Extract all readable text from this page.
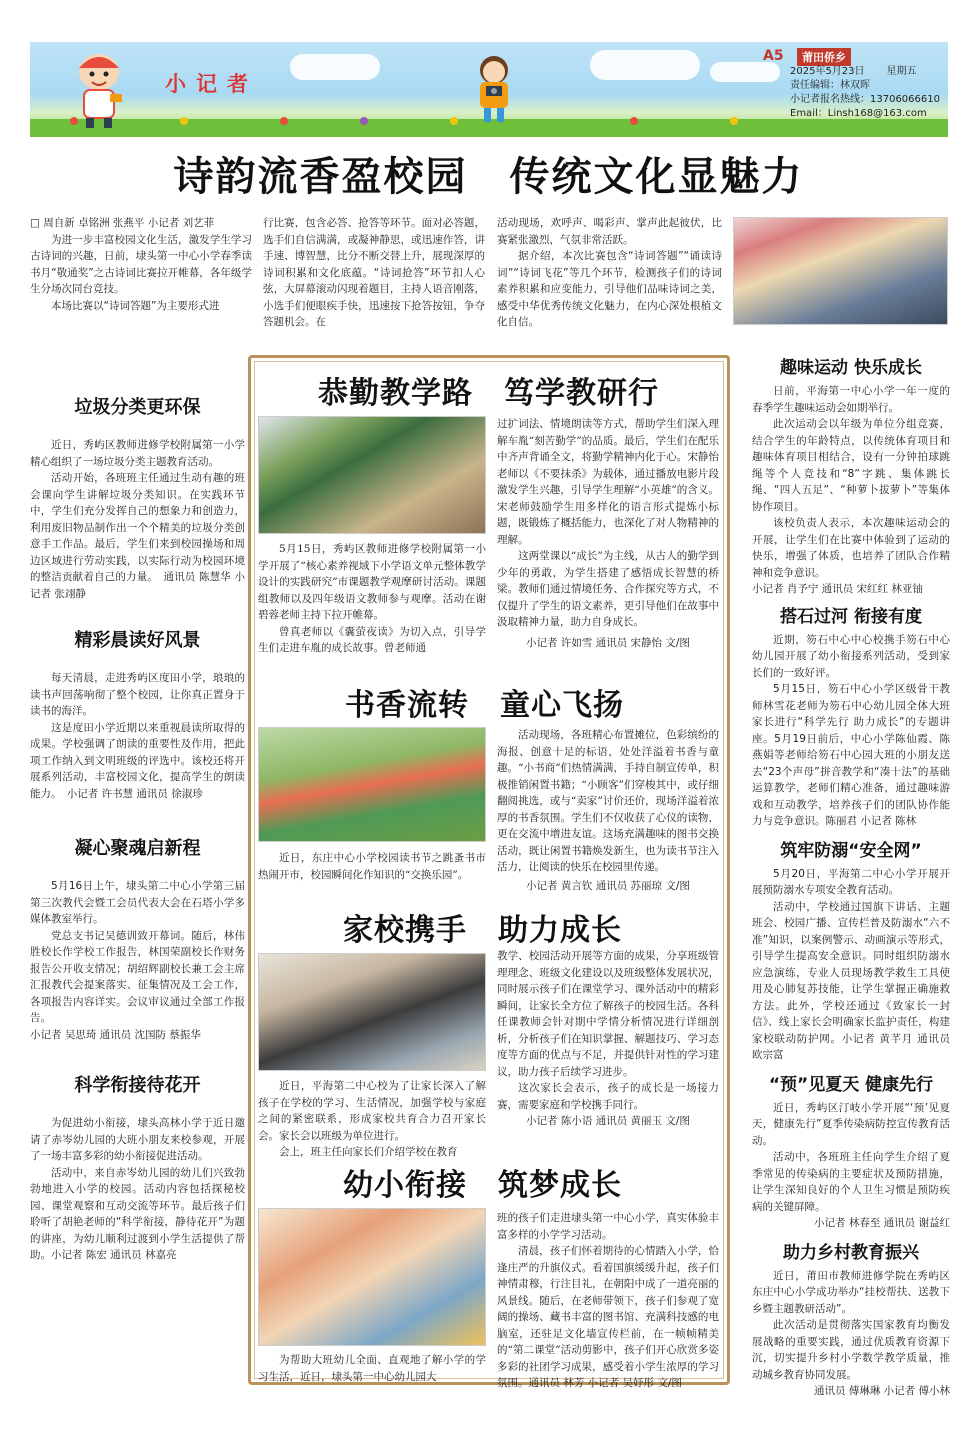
小记者
A5	莆田侨乡
2025年5月23日 星期五
责任编辑：林双晖
小记者报名热线：13706066610
Email：Linsh168@163.com
诗韵流香盈校园　传统文化显魅力
□ 周自新 卓铭洲 张燕平 小记者 刘艺菲

为进一步丰富校园文化生活，激发学生学习古诗词的兴趣，日前，埭头第一中心小学春季读书月“敬通奖”之古诗词比赛拉开帷幕，各年级学生分场次同台竞技。

本场比赛以“诗词答题”为主要形式进

行比赛，包含必答、抢答等环节。面对必答题，选手们自信满满，或凝神静思，或迅速作答，讲手速、博智慧，比分不断交替上升，展现深厚的诗词积累和文化底蕴。“诗词抢答”环节扣人心弦，大屏幕滚动闪现着题目，主持人语音刚落，小选手们便眼疾手快，迅速按下抢答按钮，争夺答题机会。在
活动现场，欢呼声、喝彩声、掌声此起彼伏，比赛紧张激烈，气氛非常活跃。

据介绍，本次比赛包含“诗词答题”“诵读诗词”“诗词飞花”等几个环节，检测孩子们的诗词素养积累和应变能力，引导他们品味诗词之美，感受中华优秀传统文化魅力，在内心深处根植文化自信。

垃圾分类更环保

近日，秀屿区教师进修学校附属第一小学精心组织了一场垃圾分类主题教育活动。

活动开始，各班班主任通过生动有趣的班会课向学生讲解垃圾分类知识。在实践环节中，学生们充分发挥自己的想象力和创造力，利用废旧物品制作出一个个精美的垃圾分类创意手工作品。最后，学生们来到校园操场和周边区域进行劳动实践，以实际行动为校园环境的整洁贡献着自己的力量。　通讯员 陈慧华 小记者 张翊静

精彩晨读好风景

每天清晨，走进秀屿区度田小学，琅琅的读书声回荡响彻了整个校园，让你真正置身于读书的海洋。

这是度田小学近期以来重视晨读所取得的成果。学校强调了朗读的重要性及作用，把此项工作纳入到文明班级的评选中。该校还将开展系列活动，丰富校园文化，提高学生的朗读能力。　小记者 许书慧 通讯员 徐淑珍

凝心聚魂启新程

5月16日上午，埭头第二中心小学第三届第三次教代会暨工会员代表大会在石塔小学多媒体教室举行。

党总支书记吴德训致开幕词。随后，林伟胜校长作学校工作报告，林国荣副校长作财务报告公开收支情况；胡绍辉副校长兼工会主席汇报教代会提案落实、征集情况及工会工作，各项报告内容详实。会议审议通过全部工作报告。

小记者 吴思琦 通讯员 沈国防 蔡振华
科学衔接待花开

为促进幼小衔接，埭头高林小学于近日邀请了赤岑幼儿园的大班小朋友来校参观，开展了一场丰富多彩的幼小衔接促进活动。

活动中，来自赤岑幼儿园的幼儿们兴致勃勃地进入小学的校园。活动内容包括探秘校园、课堂观察和互动交流等环节。最后孩子们聆听了胡艳老师的“科学衔接，静待花开”为题的讲座，为幼儿顺利过渡到小学生活提供了帮助。小记者 陈宏 通讯员 林嘉亮

恭勤教学路　笃学教研行

5月15日，秀屿区教师进修学校附属第一小学开展了“核心素养视域下小学语文单元整体教学设计的实践研究”市课题教学观摩研讨活动。课题组教师以及四年级语文教师参与观摩。活动在谢碧蓉老师主持下拉开帷幕。

曾真老师以《囊萤夜读》为切入点，引导学生们走进车胤的成长故事。曾老师通

过扩词法、情境朗读等方式，帮助学生们深入理解车胤“刻苦勤学”的品质。最后，学生们在配乐中齐声背诵全文，将勤学精神内化于心。宋静怡老师以《不要抹杀》为载体，通过播放电影片段激发学生兴趣，引导学生理解“小英雄”的含义。宋老师鼓励学生用多样化的语言形式提炼小标题，既锻炼了概括能力，也深化了对人物精神的理解。

这两堂课以“成长”为主线，从古人的勤学到少年的勇敢，为学生搭建了感悟成长智慧的桥梁。教师们通过情境任务、合作探究等方式，不仅提升了学生的语文素养，更引导他们在故事中汲取精神力量，助力自身成长。

小记者 许如雪 通讯员 宋静怡 文/图
书香流转　童心飞扬

近日，东庄中心小学校园读书节之跳蚤书市热闹开市，校园瞬间化作知识的“交换乐园”。

活动现场，各班精心布置摊位，色彩缤纷的海报、创意十足的标语，处处洋溢着书香与童趣。“小书商”们热情满满，手持自制宣传单，积极推销闲置书籍；“小顾客”们穿梭其中，或仔细翻阅挑选，或与“卖家”讨价还价，现场洋溢着浓厚的书香氛围。学生们不仅收获了心仪的读物，更在交流中增进友谊。这场充满趣味的图书交换活动，既让闲置书籍焕发新生，也为读书节注入活力，让阅读的快乐在校园里传递。

小记者 黄言钦 通讯员 苏丽琼 文/图
家校携手　助力成长

近日，平海第二中心校为了让家长深入了解孩子在学校的学习、生活情况，加强学校与家庭之间的紧密联系，形成家校共育合力召开家长会。家长会以班级为单位进行。

会上，班主任向家长们介绍学校在教育

教学、校园活动开展等方面的成果，分享班级管理理念、班级文化建设以及班级整体发展状况，同时展示孩子们在课堂学习、课外活动中的精彩瞬间，让家长全方位了解孩子的校园生活。各科任课教师会针对期中学情分析情况进行详细剖析，分析孩子们在知识掌握、解题技巧、学习态度等方面的优点与不足，并提供针对性的学习建议，助力孩子后续学习进步。

这次家长会表示，孩子的成长是一场接力赛，需要家庭和学校携手同行。

小记者 陈小语 通讯员 黄丽玉 文/图
幼小衔接　筑梦成长

为帮助大班幼儿全面、直观地了解小学的学习生活，近日，埭头第一中心幼儿园大

班的孩子们走进埭头第一中心小学，真实体验丰富多样的小学学习活动。

清晨，孩子们怀着期待的心情踏入小学，恰逢庄严的升旗仪式。看着国旗缓缓升起，孩子们神情肃穆，行注目礼，在朝阳中成了一道亮丽的风景线。随后，在老师带领下，孩子们参观了宽阔的操场、藏书丰富的图书馆、充满科技感的电脑室，还驻足文化墙宣传栏前，在一帧帧精美的“第二课堂”活动剪影中，孩子们开心欣赏多姿多彩的社团学习成果，感受着小学生浓厚的学习氛围。通讯员 林芳 小记者 吴妤彤 文/图

趣味运动 快乐成长

日前，平海第一中心小学一年一度的春季学生趣味运动会如期举行。

此次运动会以年级为单位分组竞赛，结合学生的年龄特点，以传统体育项目和趣味体育项目相结合，设有一分钟拍球跳绳等个人竞技和“8”字跳、集体跳长绳、“四人五足”、“种萝卜拔萝卜”等集体协作项目。

该校负责人表示，本次趣味运动会的开展，让学生们在比赛中体验到了运动的快乐，增强了体质，也培养了团队合作精神和竞争意识。

小记者 肖予宁 通讯员 宋红红 林亚铀
搭石过河 衔接有度

近期，笏石中心中心校携手笏石中心幼儿园开展了幼小衔接系列活动，受到家长们的一致好评。

5月15日，笏石中心小学区级骨干教师林雪花老师为笏石中心幼儿园全体大班家长进行“科学先行 助力成长”的专题讲座。5月19日前后，中心小学陈仙霞、陈燕娟等老师给笏石中心园大班的小朋友送去“23个声母”拼音教学和“凑十法”的基础运算教学，老师们精心准备，通过趣味游戏和互动教学，培养孩子们的团队协作能力与竞争意识。陈丽君 小记者 陈林

筑牢防溺“安全网”

5月20日，平海第二中心小学开展开展预防溺水专项安全教育活动。

活动中，学校通过国旗下讲话、主题班会、校园广播、宣传栏普及防溺水“六不准”知识，以案例警示、动画演示等形式，引导学生提高安全意识。同时组织防溺水应急演练，专业人员现场教学救生工具使用及心肺复苏技能，让学生掌握正确施救方法。此外，学校还通过《致家长一封信》、线上家长会明确家长监护责任，构建家校联动防护网。小记者 黄芊月 通讯员 欧宗富

“预”见夏天 健康先行

近日，秀屿区汀岐小学开展“‘预’见夏天，健康先行”夏季传染病防控宣传教育活动。

活动中，各班班主任向学生介绍了夏季常见的传染病的主要症状及预防措施，让学生深知良好的个人卫生习惯是预防疾病的关键屏障。

小记者 林春至 通讯员 谢益红
助力乡村教育振兴

近日，莆田市教师进修学院在秀屿区东庄中心小学成功举办“挂校帮扶、送教下乡暨主题教研活动”。

此次活动是贯彻落实国家教育均衡发展战略的重要实践，通过优质教育资源下沉，切实提升乡村小学数学教学质量，推动城乡教育协同发展。

通讯员 傅琳琳 小记者 傅小林
